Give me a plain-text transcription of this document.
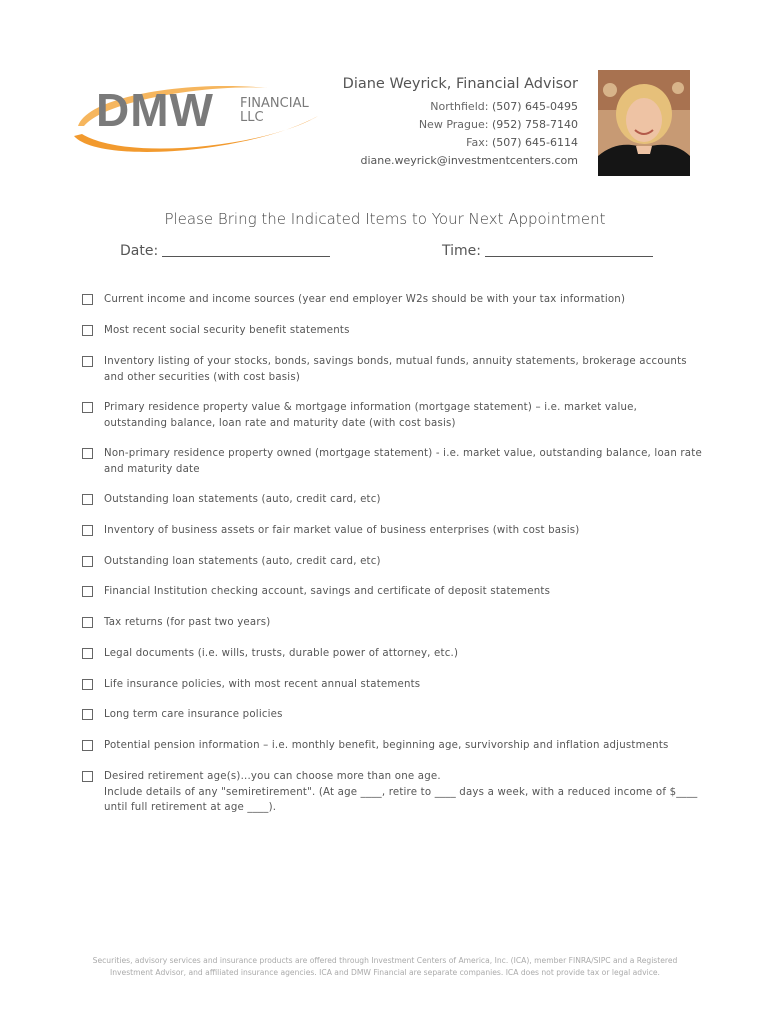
DMW FINANCIAL
LLC
Diane Weyrick, Financial Advisor
Northfield: (507) 645-0495
New Prague: (952) 758-7140
Fax: (507) 645-6114
diane.weyrick@investmentcenters.com
Please Bring the Indicated Items to Your Next Appointment
Date:	Time:
Current income and income sources (year end employer W2s should be with your tax information)
Most recent social security benefit statements
Inventory listing of your stocks, bonds, savings bonds, mutual funds, annuity statements, brokerage accounts and other securities (with cost basis)
Primary residence property value & mortgage information (mortgage statement) – i.e. market value, outstanding balance, loan rate and maturity date (with cost basis)
Non-primary residence property owned (mortgage statement) - i.e. market value, outstanding balance, loan rate and maturity date
Outstanding loan statements (auto, credit card, etc)
Inventory of business assets or fair market value of business enterprises (with cost basis)
Outstanding loan statements (auto, credit card, etc)
Financial Institution checking account, savings and certificate of deposit statements
Tax returns (for past two years)
Legal documents (i.e. wills, trusts, durable power of attorney, etc.)
Life insurance policies, with most recent annual statements
Long term care insurance policies
Potential pension information – i.e. monthly benefit, beginning age, survivorship and inflation adjustments
Desired retirement age(s)...you can choose more than one age.
Include details of any "semiretirement". (At age ____, retire to ____ days a week, with a reduced income of $____ until full retirement at age ____).
Securities, advisory services and insurance products are offered through Investment Centers of America, Inc. (ICA), member FINRA/SIPC and a Registered
Investment Advisor, and affiliated insurance agencies. ICA and DMW Financial are separate companies. ICA does not provide tax or legal advice.
